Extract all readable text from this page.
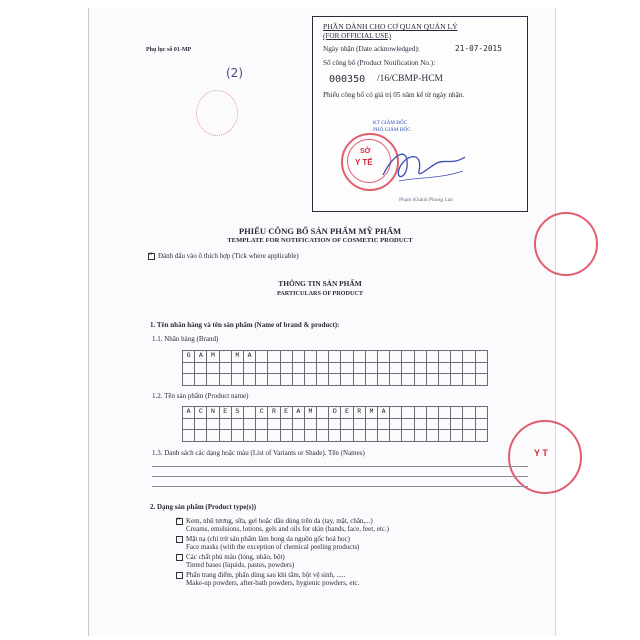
Phụ lục số 01-MP
(2)
PHẦN DÀNH CHO CƠ QUAN QUẢN LÝ
(FOR OFFICIAL USE)
Ngày nhận (Date acknowledged):	21-07-2015
Số công bố (Product Notification No.):
000350 /16/CBMP-HCM
Phiếu công bố có giá trị 05 năm kể từ ngày nhận.
KT GIÁM ĐỐC
PHÓ GIÁM ĐỐC
SỞ
Y TẾ
Phạm Khánh Phong Lan
Y T
PHIẾU CÔNG BỐ SẢN PHẨM MỸ PHẨM
TEMPLATE FOR NOTIFICATION OF COSMETIC PRODUCT
×Đánh dấu vào ô thích hợp (Tick where applicable)
THÔNG TIN SẢN PHẨM
PARTICULARS OF PRODUCT
1. Tên nhãn hàng và tên sản phẩm (Name of brand & product):
1.1. Nhãn hàng (Brand)
G	A	M		M	A																			

1.2. Tên sản phẩm (Product name)
A	C	N	E	S		C	R	E	A	M		D	E	R	M	A								

1.3. Danh sách các dạng hoặc màu (List of Variants or Shade). Tên (Names)
2. Dạng sản phẩm (Product type(s))
×Kem, nhũ tương, sữa, gel hoặc dầu dùng trên da (tay, mặt, chân,...)
Creams, emulsions, lotions, gels and oils for skin (hands, face, feet, etc.)
Mặt nạ (chỉ trừ sản phẩm làm bong da nguồn gốc hoá học)
Face masks (with the exception of chemical peeling products)
Các chất phủ màu (lỏng, nhão, bột)
Tinted bases (liquids, pastes, powders)
Phấn trang điểm, phấn dùng sau khi tắm, bột vệ sinh, .....
Make-up powders, after-bath powders, hygienic powders, etc.
